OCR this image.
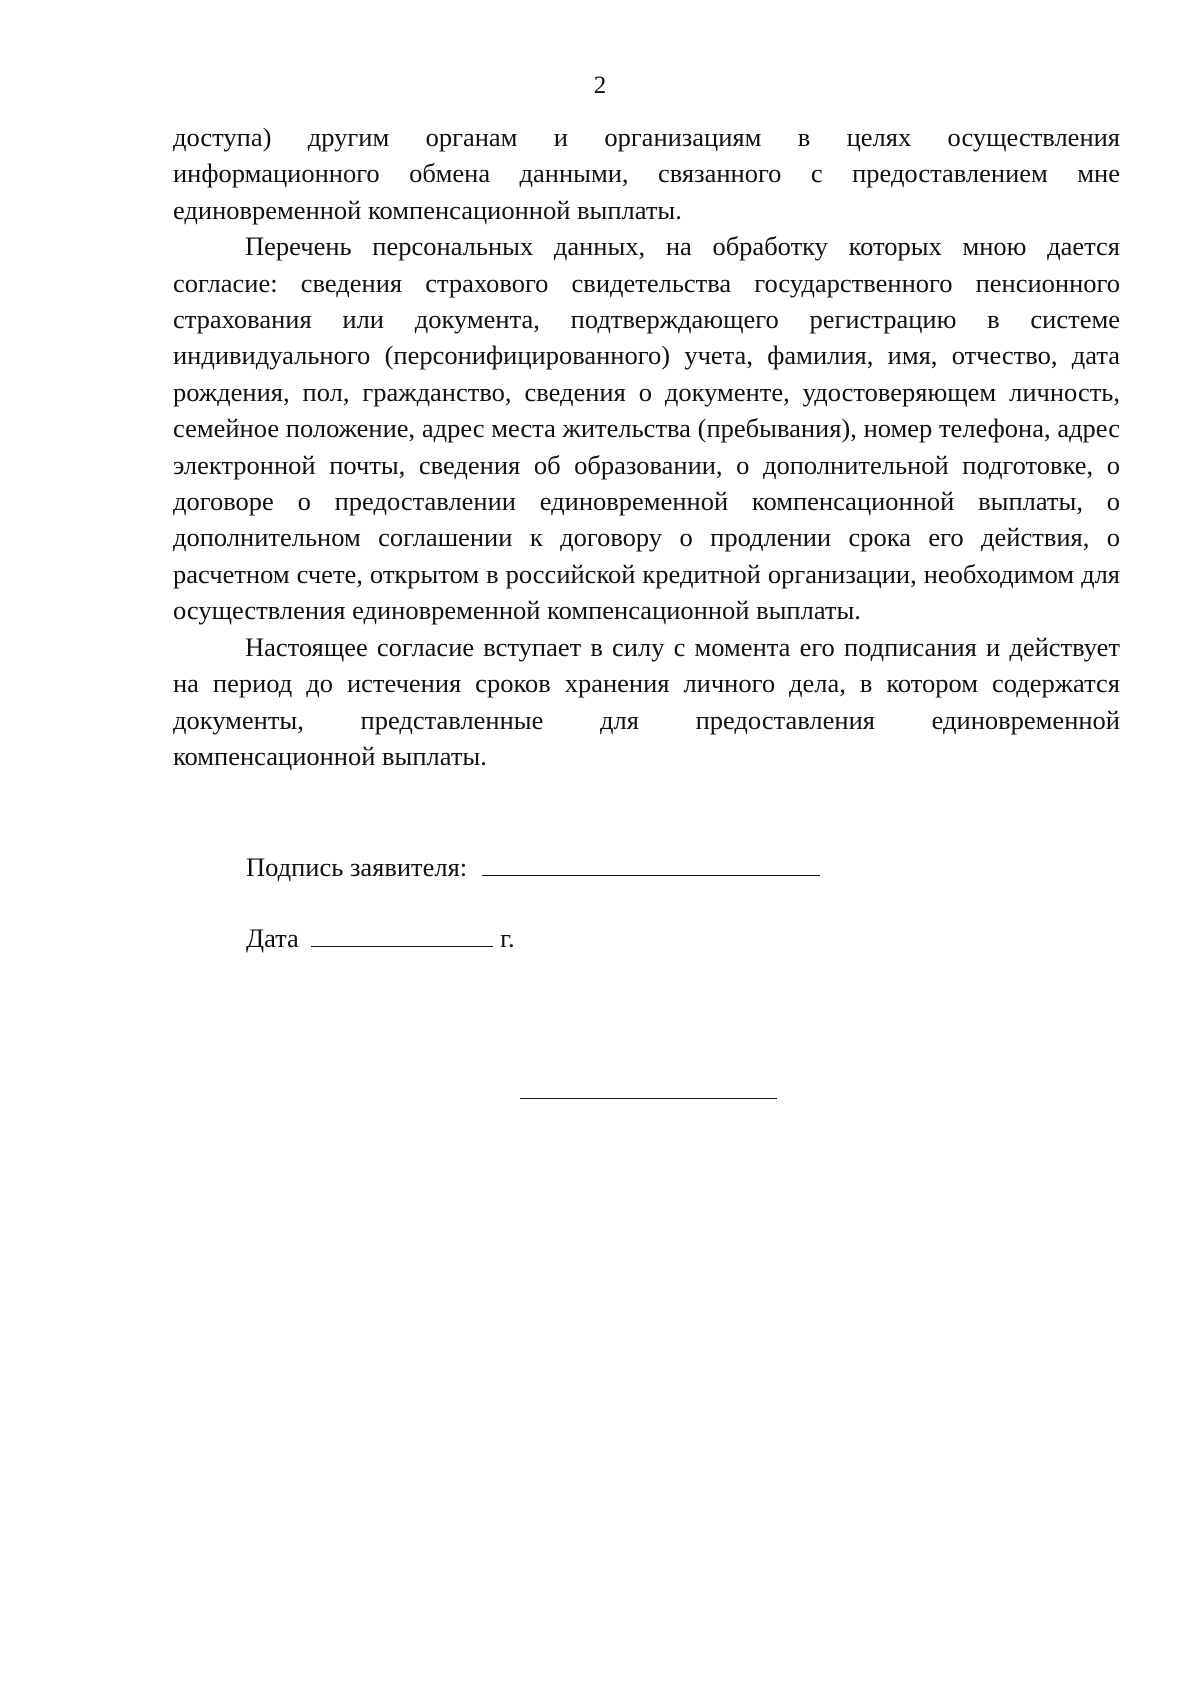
2

доступа) другим органам и организациям в целях осуществления информационного обмена данными, связанного с предоставлением мне единовременной компенсационной выплаты.

Перечень персональных данных, на обработку которых мною дается согласие: сведения страхового свидетельства государственного пенсионного страхования или документа, подтверждающего регистрацию в системе индивидуального (персонифицированного) учета, фамилия, имя, отчество, дата рождения, пол, гражданство, сведения о документе, удостоверяющем личность, семейное положение, адрес места жительства (пребывания), номер телефона, адрес электронной почты, сведения об образовании, о дополнительной подготовке, о договоре о предоставлении единовременной компенсационной выплаты, о дополнительном соглашении к договору о продлении срока его действия, о расчетном счете, открытом в российской кредитной организации, необходимом для осуществления единовременной компенсационной выплаты.

Настоящее согласие вступает в силу с момента его подписания и действует на период до истечения сроков хранения личного дела, в котором содержатся документы, представленные для предоставления единовременной компенсационной выплаты.

Подпись заявителя:
Дата	г.
